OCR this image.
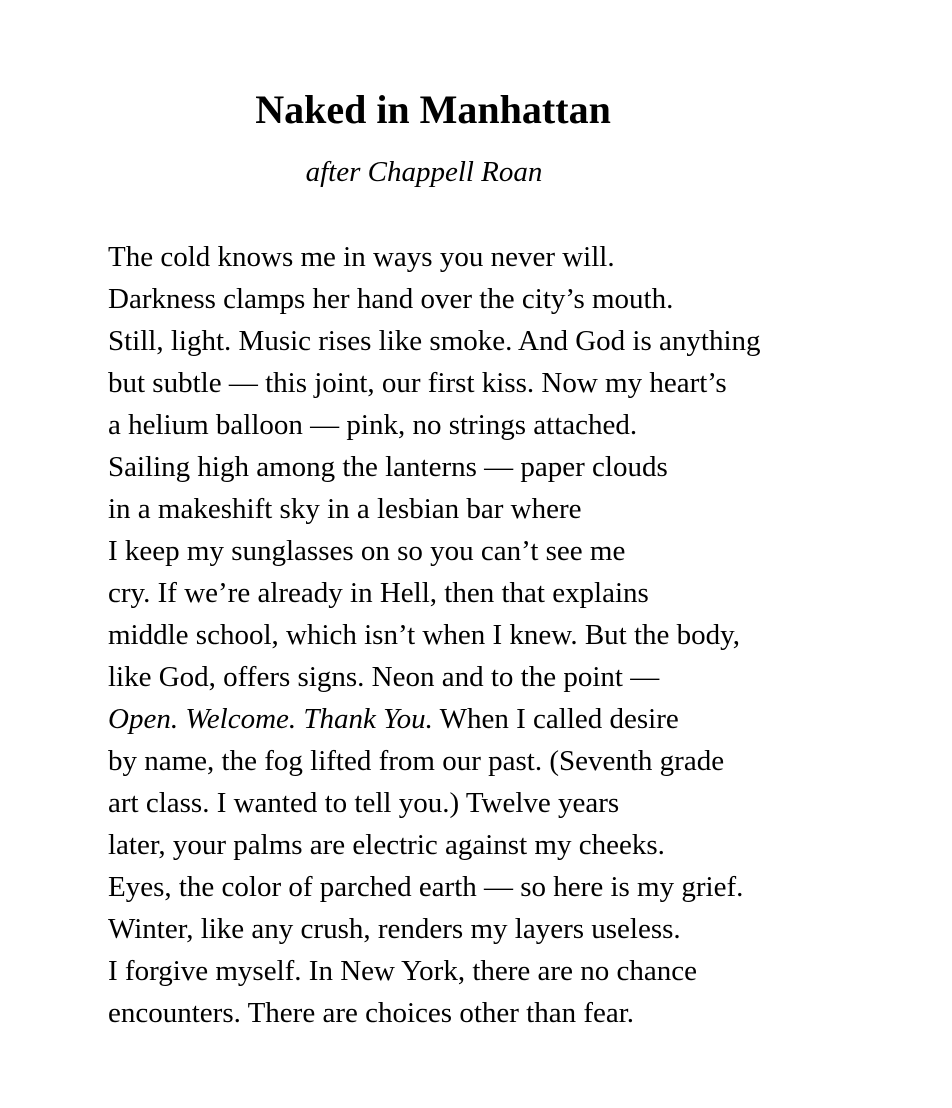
Naked in Manhattan

after Chappell Roan

The cold knows me in ways you never will.
Darkness clamps her hand over the city’s mouth.
Still, light. Music rises like smoke. And God is anything
but subtle — this joint, our first kiss. Now my heart’s
a helium balloon — pink, no strings attached.
Sailing high among the lanterns — paper clouds
in a makeshift sky in a lesbian bar where
I keep my sunglasses on so you can’t see me
cry. If we’re already in Hell, then that explains
middle school, which isn’t when I knew. But the body,
like God, offers signs. Neon and to the point —
Open. Welcome. Thank You. When I called desire
by name, the fog lifted from our past. (Seventh grade
art class. I wanted to tell you.) Twelve years
later, your palms are electric against my cheeks.
Eyes, the color of parched earth — so here is my grief.
Winter, like any crush, renders my layers useless.
I forgive myself. In New York, there are no chance
encounters. There are choices other than fear.
